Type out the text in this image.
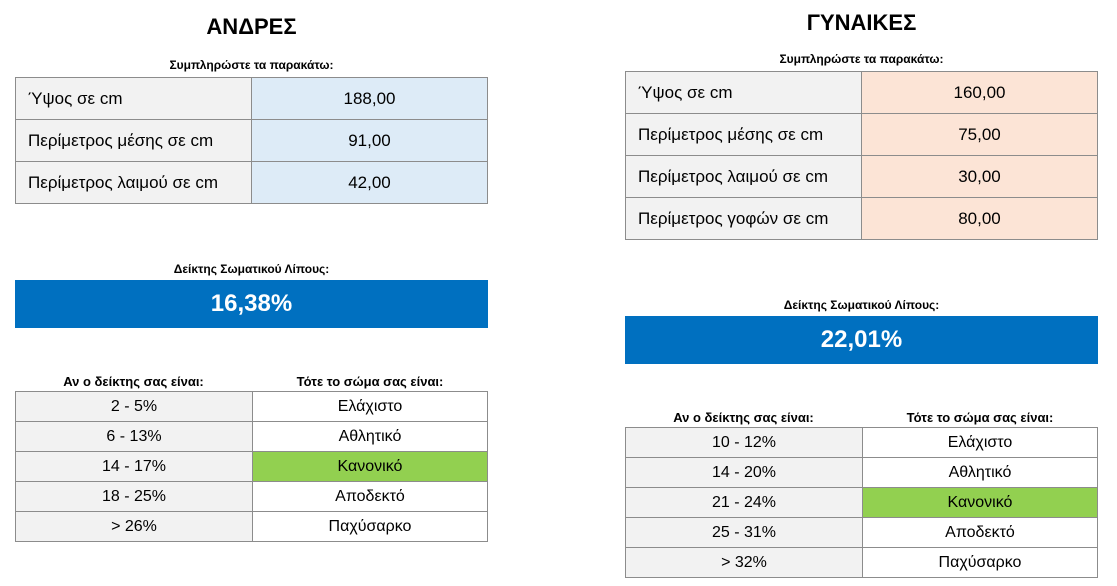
ΑΝΔΡΕΣ
Συμπληρώστε τα παρακάτω:
Ύψος σε cm	188,00
Περίμετρος μέσης σε cm	91,00
Περίμετρος λαιμού σε cm	42,00
Δείκτης Σωματικού Λίπους:
16,38%
Αν ο δείκτης σας είναι:	Τότε το σώμα σας είναι:
2 - 5%	Ελάχιστο
6 - 13%	Αθλητικό
14 - 17%	Κανονικό
18 - 25%	Αποδεκτό
> 26%	Παχύσαρκο
ΓΥΝΑΙΚΕΣ
Συμπληρώστε τα παρακάτω:
Ύψος σε cm	160,00
Περίμετρος μέσης σε cm	75,00
Περίμετρος λαιμού σε cm	30,00
Περίμετρος γοφών σε cm	80,00
Δείκτης Σωματικού Λίπους:
22,01%
Αν ο δείκτης σας είναι:	Τότε το σώμα σας είναι:
10 - 12%	Ελάχιστο
14 - 20%	Αθλητικό
21 - 24%	Κανονικό
25 - 31%	Αποδεκτό
> 32%	Παχύσαρκο
